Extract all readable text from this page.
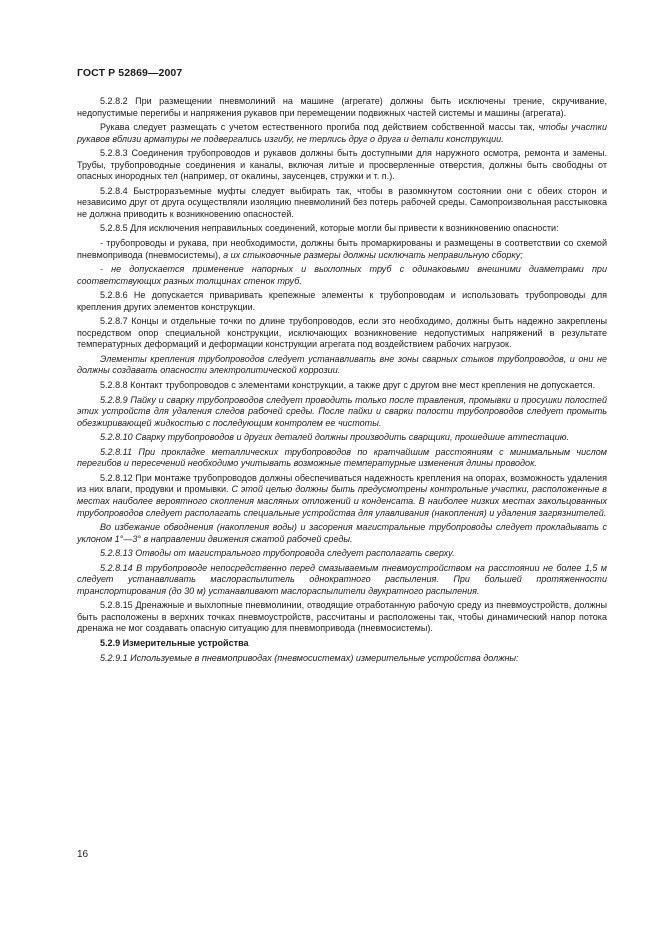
ГОСТ Р 52869—2007

5.2.8.2 При размещении пневмолиний на машине (агрегате) должны быть исключены трение, скручивание, недопустимые перегибы и напряжения рукавов при перемещении подвижных частей системы и машины (агрегата).

Рукава следует размещать с учетом естественного прогиба под действием собственной массы так, чтобы участки рукавов вблизи арматуры не подвергались изгибу, не терлись друг о друга и детали конструкции.

5.2.8.3 Соединения трубопроводов и рукавов должны быть доступными для наружного осмотра, ремонта и замены. Трубы, трубопроводные соединения и каналы, включая литые и просверленные отверстия, должны быть свободны от опасных инородных тел (например, от окалины, заусенцев, стружки и т. п.).

5.2.8.4 Быстроразъемные муфты следует выбирать так, чтобы в разомкнутом состоянии они с обеих сторон и независимо друг от друга осуществляли изоляцию пневмолиний без потерь рабочей среды. Самопроизвольная расстыковка не должна приводить к возникновению опасностей.

5.2.8.5 Для исключения неправильных соединений, которые могли бы привести к возникновению опасности:

- трубопроводы и рукава, при необходимости, должны быть промаркированы и размещены в соответствии со схемой пневмопривода (пневмосистемы), а их стыковочные размеры должны исключать неправильную сборку;

- не допускается применение напорных и выхлопных труб с одинаковыми внешними диаметрами при соответствующих разных толщинах стенок труб.

5.2.8.6 Не допускается приваривать крепежные элементы к трубопроводам и использовать трубопроводы для крепления других элементов конструкции.

5.2.8.7 Концы и отдельные точки по длине трубопроводов, если это необходимо, должны быть надежно закреплены посредством опор специальной конструкции, исключающих возникновение недопустимых напряжений в результате температурных деформаций и деформации конструкции агрегата под воздействием рабочих нагрузок.

Элементы крепления трубопроводов следует устанавливать вне зоны сварных стыков трубопроводов, и они не должны создавать опасности электролитической коррозии.

5.2.8.8 Контакт трубопроводов с элементами конструкции, а также друг с другом вне мест крепления не допускается.

5.2.8.9 Пайку и сварку трубопроводов следует проводить только после травления, промывки и просушки полостей этих устройств для удаления следов рабочей среды. После пайки и сварки полости трубопроводов следует промыть обезжиривающей жидкостью с последующим контролем ее чистоты.

5.2.8.10 Сварку трубопроводов и других деталей должны производить сварщики, прошедшие аттестацию.

5.2.8.11 При прокладке металлических трубопроводов по кратчайшим расстояниям с минимальным числом перегибов и пересечений необходимо учитывать возможные температурные изменения длины проводок.

5.2.8.12 При монтаже трубопроводов должны обеспечиваться надежность крепления на опорах, возможность удаления из них влаги, продувки и промывки. С этой целью должны быть предусмотрены контрольные участки, расположенные в местах наиболее вероятного скопления масляных отложений и конденсата. В наиболее низких местах закольцованных трубопроводов следует располагать специальные устройства для улавливания (накопления) и удаления загрязнителей.

Во избежание обводнения (накопления воды) и засорения магистральные трубопроводы следует прокладывать с уклоном 1°—3° в направлении движения сжатой рабочей среды.

5.2.8.13 Отводы от магистрального трубопровода следует располагать сверху.

5.2.8.14 В трубопроводе непосредственно перед смазываемым пневмоустройством на расстоянии не более 1,5 м следует устанавливать маслораспылитель однократного распыления. При большей протяженности транспортирования (до 30 м) устанавливают маслораспылители двукратного распыления.

5.2.8.15 Дренажные и выхлопные пневмолинии, отводящие отработанную рабочую среду из пневмоустройств, должны быть расположены в верхних точках пневмоустройств, рассчитаны и расположены так, чтобы динамический напор потока дренажа не мог создавать опасную ситуацию для пневмопривода (пневмосистемы).

5.2.9 Измерительные устройства

5.2.9.1 Используемые в пневмоприводах (пневмосистемах) измерительные устройства должны:

16
